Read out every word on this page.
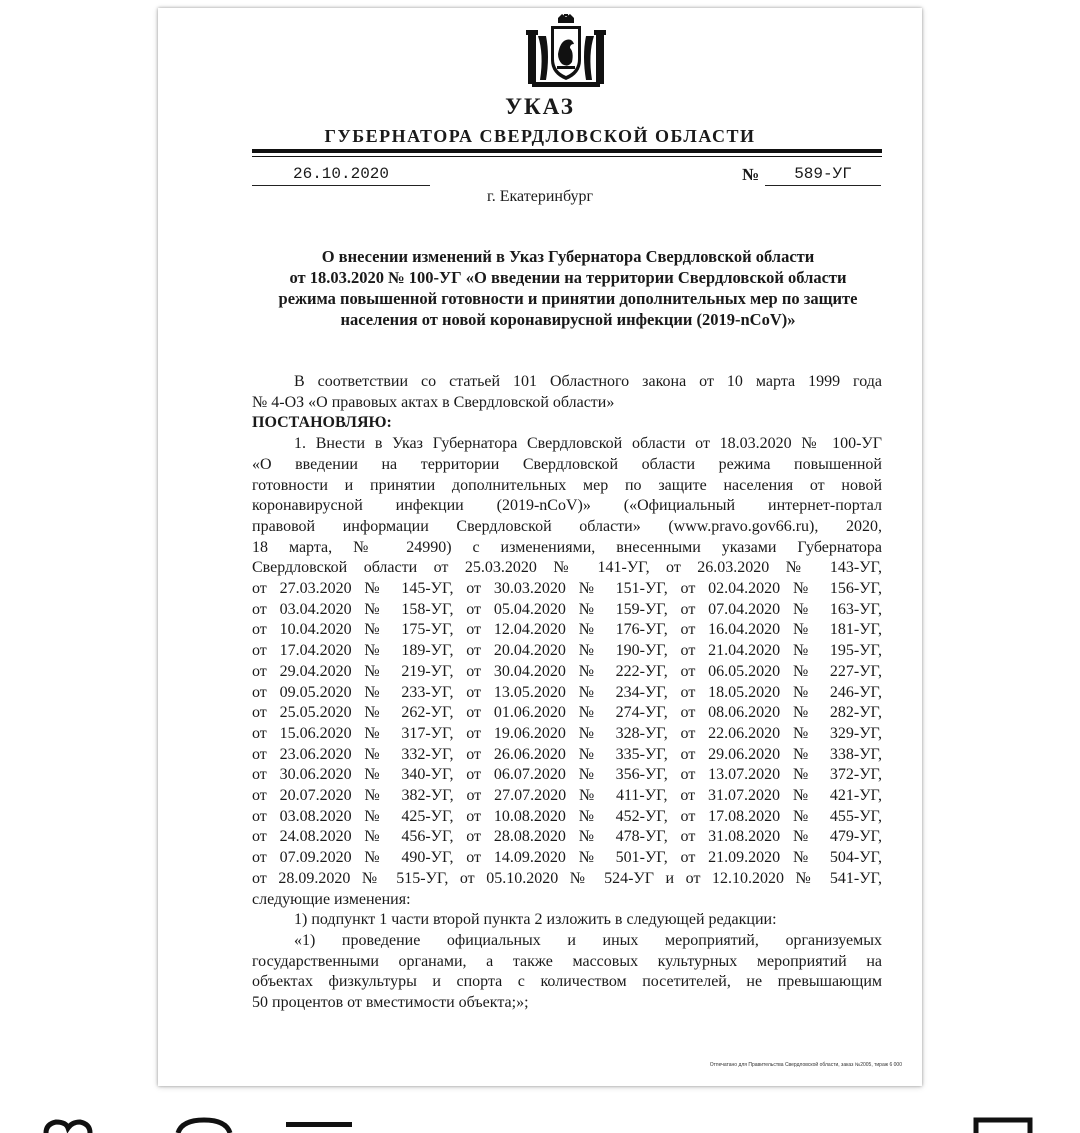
УКАЗ
ГУБЕРНАТОРА СВЕРДЛОВСКОЙ ОБЛАСТИ
26.10.2020	№	589-УГ
г. Екатеринбург
О внесении изменений в Указ Губернатора Свердловской области
от 18.03.2020 № 100-УГ «О введении на территории Свердловской области
режима повышенной готовности и принятии дополнительных мер по защите
населения от новой коронавирусной инфекции (2019-nCoV)»

В соответствии со статьей 101 Областного закона от 10 марта 1999 года

№ 4-ОЗ «О правовых актах в Свердловской области»

ПОСТАНОВЛЯЮ:

1. Внести в Указ Губернатора Свердловской области от 18.03.2020 № 100-УГ

«О введении на территории Свердловской области режима повышенной

готовности и принятии дополнительных мер по защите населения от новой

коронавирусной инфекции (2019-nCoV)» («Официальный интернет-портал

правовой информации Свердловской области» (www.pravo.gov66.ru), 2020,

18 марта, № 24990) с изменениями, внесенными указами Губернатора

Свердловской области от 25.03.2020 № 141-УГ, от 26.03.2020 № 143-УГ,

от 27.03.2020 № 145-УГ, от 30.03.2020 № 151-УГ, от 02.04.2020 № 156-УГ,

от 03.04.2020 № 158-УГ, от 05.04.2020 № 159-УГ, от 07.04.2020 № 163-УГ,

от 10.04.2020 № 175-УГ, от 12.04.2020 № 176-УГ, от 16.04.2020 № 181-УГ,

от 17.04.2020 № 189-УГ, от 20.04.2020 № 190-УГ, от 21.04.2020 № 195-УГ,

от 29.04.2020 № 219-УГ, от 30.04.2020 № 222-УГ, от 06.05.2020 № 227-УГ,

от 09.05.2020 № 233-УГ, от 13.05.2020 № 234-УГ, от 18.05.2020 № 246-УГ,

от 25.05.2020 № 262-УГ, от 01.06.2020 № 274-УГ, от 08.06.2020 № 282-УГ,

от 15.06.2020 № 317-УГ, от 19.06.2020 № 328-УГ, от 22.06.2020 № 329-УГ,

от 23.06.2020 № 332-УГ, от 26.06.2020 № 335-УГ, от 29.06.2020 № 338-УГ,

от 30.06.2020 № 340-УГ, от 06.07.2020 № 356-УГ, от 13.07.2020 № 372-УГ,

от 20.07.2020 № 382-УГ, от 27.07.2020 № 411-УГ, от 31.07.2020 № 421-УГ,

от 03.08.2020 № 425-УГ, от 10.08.2020 № 452-УГ, от 17.08.2020 № 455-УГ,

от 24.08.2020 № 456-УГ, от 28.08.2020 № 478-УГ, от 31.08.2020 № 479-УГ,

от 07.09.2020 № 490-УГ, от 14.09.2020 № 501-УГ, от 21.09.2020 № 504-УГ,

от 28.09.2020 № 515-УГ, от 05.10.2020 № 524-УГ и от 12.10.2020 № 541-УГ,

следующие изменения:

1) подпункт 1 части второй пункта 2 изложить в следующей редакции:

«1) проведение официальных и иных мероприятий, организуемых

государственными органами, а также массовых культурных мероприятий на

объектах физкультуры и спорта с количеством посетителей, не превышающим

50 процентов от вместимости объекта;»;

Отпечатано для Правительства Свердловской области, заказ №2005, тираж 6 000
